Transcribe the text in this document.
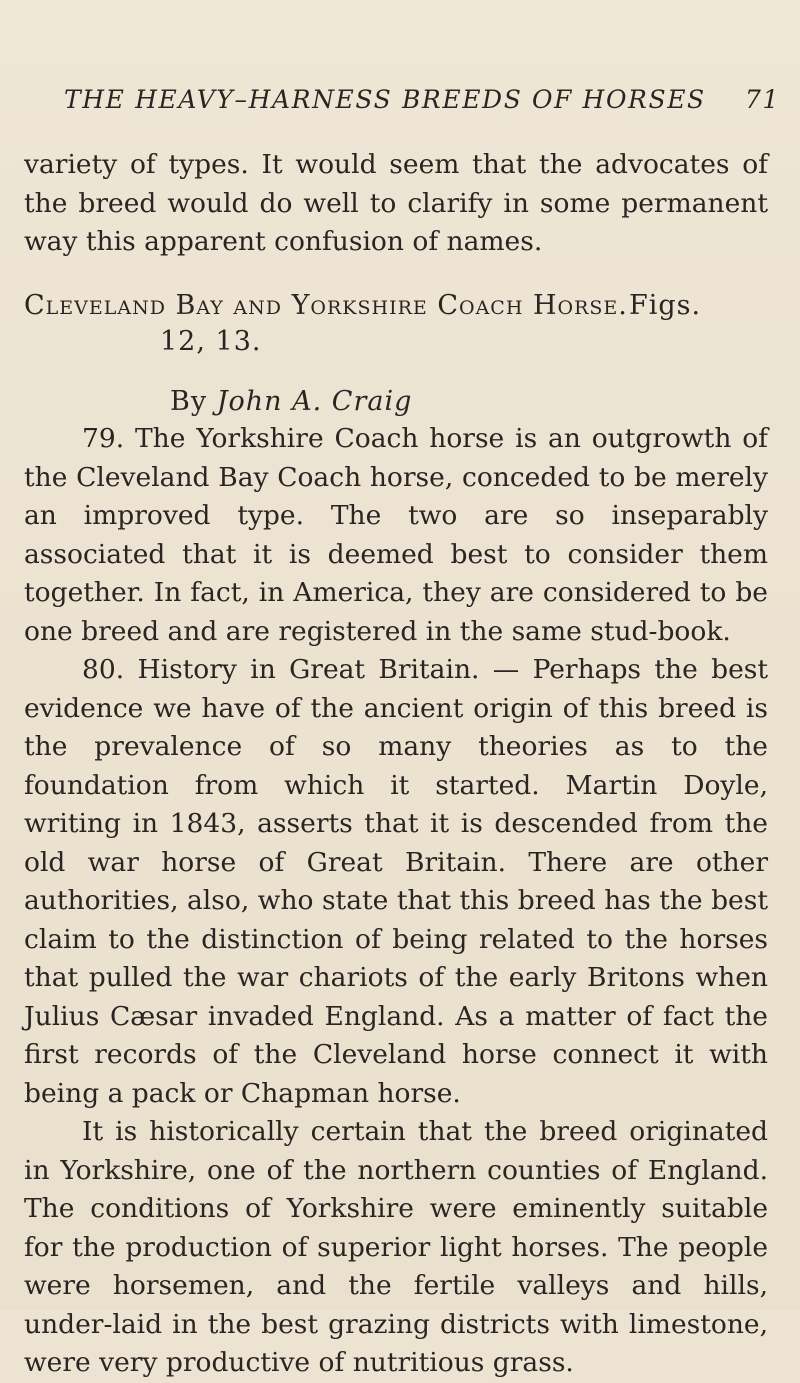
THE HEAVY–HARNESS BREEDS OF HORSES 71

variety of types. It would seem that the advocates of the breed would do well to clarify in some permanent way this apparent confusion of names.

Cleveland Bay and Yorkshire Coach Horse. Figs.
12, 13.
By John A. Craig

79. The Yorkshire Coach horse is an outgrowth of the Cleveland Bay Coach horse, conceded to be merely an improved type. The two are so inseparably associated that it is deemed best to consider them together. In fact, in America, they are considered to be one breed and are registered in the same stud-book.

80. History in Great Britain. — Perhaps the best evidence we have of the ancient origin of this breed is the prevalence of so many theories as to the foundation from which it started. Martin Doyle, writing in 1843, asserts that it is descended from the old war horse of Great Britain. There are other authorities, also, who state that this breed has the best claim to the distinction of being related to the horses that pulled the war chariots of the early Britons when Julius Cæsar invaded England. As a matter of fact the first records of the Cleveland horse connect it with being a pack or Chapman horse.

It is historically certain that the breed originated in Yorkshire, one of the northern counties of England. The conditions of Yorkshire were eminently suitable for the production of superior light horses. The people were horsemen, and the fertile valleys and hills, under-laid in the best grazing districts with limestone, were very productive of nutritious grass.
